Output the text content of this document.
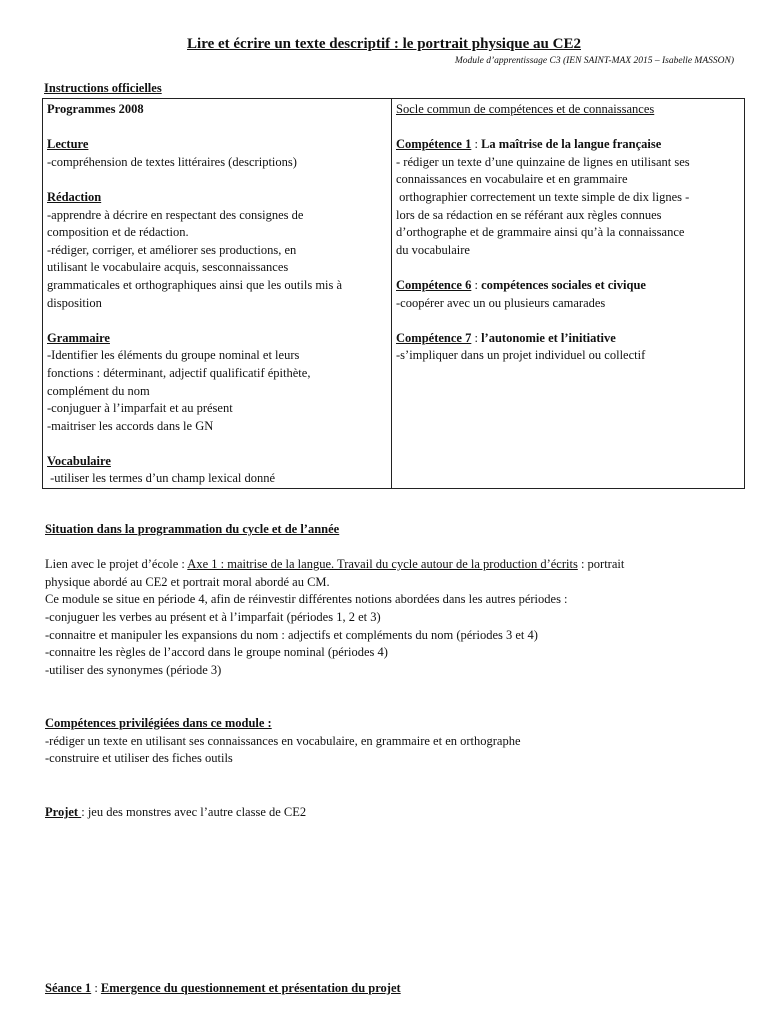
Lire et écrire un texte descriptif : le portrait physique au CE2
Module d’apprentissage C3 (IEN SAINT-MAX 2015 – Isabelle MASSON)
Instructions officielles
Programmes 2008
Lecture
-compréhension de textes littéraires (descriptions)
Rédaction
-apprendre à décrire en respectant des consignes de
composition et de rédaction.
-rédiger, corriger, et améliorer ses productions, en
utilisant le vocabulaire acquis, sesconnaissances
grammaticales et orthographiques ainsi que les outils mis à
disposition
Grammaire
-Identifier les éléments du groupe nominal et leurs
fonctions : déterminant, adjectif qualificatif épithète,
complément du nom
-conjuguer à l’imparfait et au présent
-maitriser les accords dans le GN
Vocabulaire
-utiliser les termes d’un champ lexical donné

Socle commun de compétences et de connaissances
Compétence 1 : La maîtrise de la langue française
- rédiger un texte d’une quinzaine de lignes en utilisant ses
connaissances en vocabulaire et en grammaire
orthographier correctement un texte simple de dix lignes -
lors de sa rédaction en se référant aux règles connues
d’orthographe et de grammaire ainsi qu’à la connaissance
du vocabulaire
Compétence 6 : compétences sociales et civique
-coopérer avec un ou plusieurs camarades
Compétence 7 : l’autonomie et l’initiative
-s’impliquer dans un projet individuel ou collectif
Situation dans la programmation du cycle et de l’année
Lien avec le projet d’école : Axe 1 : maitrise de la langue. Travail du cycle autour de la production d’écrits : portrait
physique abordé au CE2 et portrait moral abordé au CM.
Ce module se situe en période 4, afin de réinvestir différentes notions abordées dans les autres périodes :
-conjuguer les verbes au présent et à l’imparfait (périodes 1, 2 et 3)
-connaitre et manipuler les expansions du nom : adjectifs et compléments du nom (périodes 3 et 4)
-connaitre les règles de l’accord dans le groupe nominal (périodes 4)
-utiliser des synonymes (période 3)
Compétences privilégiées dans ce module :
-rédiger un texte en utilisant ses connaissances en vocabulaire, en grammaire et en orthographe
-construire et utiliser des fiches outils
Projet : jeu des monstres avec l’autre classe de CE2
Séance 1 : Emergence du questionnement et présentation du projet
